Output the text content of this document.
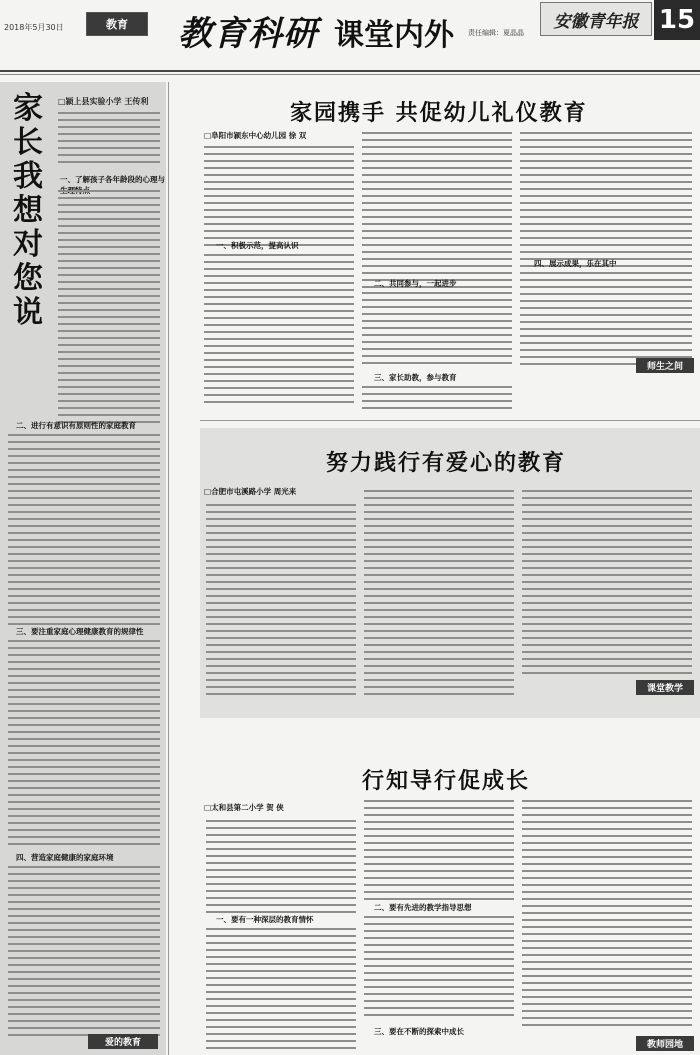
2018年5月30日	教育 教育科研 课堂内外 责任编辑：夏晶晶
安徽青年报 15
家长我想对您说
□颍上县实验小学 王传利
一、了解孩子各年龄段的心理与
二、进行有意识有原则性的家庭教育
三、要注重家庭心理健康教育的规律性
四、营造家庭健康的家庭环境
爱的教育
家园携手 共促幼儿礼仪教育
□阜阳市颍东中心幼儿园 徐 双
一、积极示范，提高认识
二、共同参与，一起进步
三、家长助教，参与教育
四、展示成果，乐在其中
师生之间
努力践行有爱心的教育
□合肥市屯溪路小学 周光来
课堂教学
行知导行促成长
□太和县第二小学 贺 侠
一、要有一种深层的教育情怀
二、要有先进的教学指导思想
三、要在不断的探索中成长
教师园地
